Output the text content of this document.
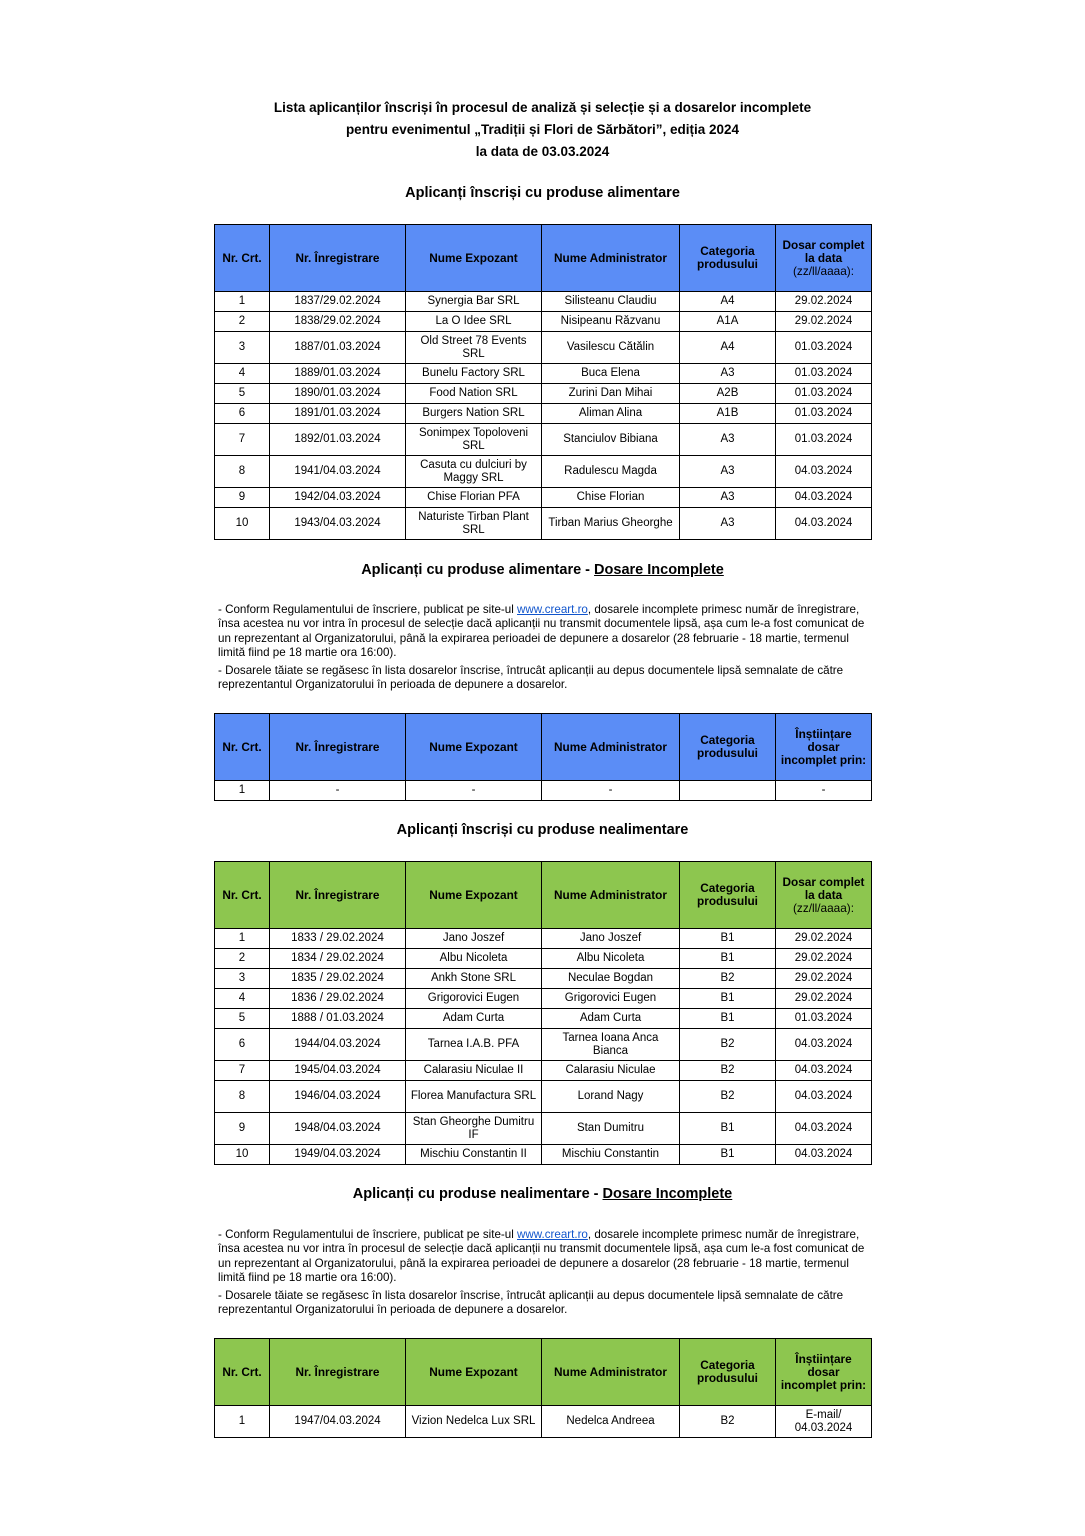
Lista aplicanților înscriși în procesul de analiză și selecție și a dosarelor incomplete
pentru evenimentul „Tradiții și Flori de Sărbători”, ediția 2024
la data de 03.03.2024
Aplicanți înscriși cu produse alimentare
Nr. Crt.	Nr. Înregistrare	Nume Expozant	Nume Administrator	Categoria produsului	Dosar complet la data
(zz/ll/aaaa):
1	1837/29.02.2024	Synergia Bar SRL	Silisteanu Claudiu	A4	29.02.2024
2	1838/29.02.2024	La O Idee SRL	Nisipeanu Răzvanu	A1A	29.02.2024
3	1887/01.03.2024	Old Street 78 Events SRL	Vasilescu Cătălin	A4	01.03.2024
4	1889/01.03.2024	Bunelu Factory SRL	Buca Elena	A3	01.03.2024
5	1890/01.03.2024	Food Nation SRL	Zurini Dan Mihai	A2B	01.03.2024
6	1891/01.03.2024	Burgers Nation SRL	Aliman Alina	A1B	01.03.2024
7	1892/01.03.2024	Sonimpex Topoloveni SRL	Stanciulov Bibiana	A3	01.03.2024
8	1941/04.03.2024	Casuta cu dulciuri by Maggy SRL	Radulescu Magda	A3	04.03.2024
9	1942/04.03.2024	Chise Florian PFA	Chise Florian	A3	04.03.2024
10	1943/04.03.2024	Naturiste Tirban Plant SRL	Tirban Marius Gheorghe	A3	04.03.2024
Aplicanți cu produse alimentare - Dosare Incomplete

- Conform Regulamentului de înscriere, publicat pe site-ul www.creart.ro, dosarele incomplete primesc număr de înregistrare, însa acestea nu vor intra în procesul de selecție dacă aplicanții nu transmit documentele lipsă, așa cum le-a fost comunicat de un reprezentant al Organizatorului, până la expirarea perioadei de depunere a dosarelor (28 februarie - 18 martie, termenul limită fiind pe 18 martie ora 16:00).

- Dosarele tăiate se regăsesc în lista dosarelor înscrise, întrucât aplicanții au depus documentele lipsă semnalate de către reprezentantul Organizatorului în perioada de depunere a dosarelor.

Nr. Crt.	Nr. Înregistrare	Nume Expozant	Nume Administrator	Categoria produsului	Înștiințare dosar incomplet prin:
1	-	-	-		-
Aplicanți înscriși cu produse nealimentare
Nr. Crt.	Nr. Înregistrare	Nume Expozant	Nume Administrator	Categoria produsului	Dosar complet la data
(zz/ll/aaaa):
1	1833 / 29.02.2024	Jano Joszef	Jano Joszef	B1	29.02.2024
2	1834 / 29.02.2024	Albu Nicoleta	Albu Nicoleta	B1	29.02.2024
3	1835 / 29.02.2024	Ankh Stone SRL	Neculae Bogdan	B2	29.02.2024
4	1836 / 29.02.2024	Grigorovici Eugen	Grigorovici Eugen	B1	29.02.2024
5	1888 / 01.03.2024	Adam Curta	Adam Curta	B1	01.03.2024
6	1944/04.03.2024	Tarnea I.A.B. PFA	Tarnea Ioana Anca Bianca	B2	04.03.2024
7	1945/04.03.2024	Calarasiu Niculae II	Calarasiu Niculae	B2	04.03.2024
8	1946/04.03.2024	Florea Manufactura SRL	Lorand Nagy	B2	04.03.2024
9	1948/04.03.2024	Stan Gheorghe Dumitru IF	Stan Dumitru	B1	04.03.2024
10	1949/04.03.2024	Mischiu Constantin II	Mischiu Constantin	B1	04.03.2024
Aplicanți cu produse nealimentare - Dosare Incomplete

- Conform Regulamentului de înscriere, publicat pe site-ul www.creart.ro, dosarele incomplete primesc număr de înregistrare, însa acestea nu vor intra în procesul de selecție dacă aplicanții nu transmit documentele lipsă, așa cum le-a fost comunicat de un reprezentant al Organizatorului, până la expirarea perioadei de depunere a dosarelor (28 februarie - 18 martie, termenul limită fiind pe 18 martie ora 16:00).

- Dosarele tăiate se regăsesc în lista dosarelor înscrise, întrucât aplicanții au depus documentele lipsă semnalate de către reprezentantul Organizatorului în perioada de depunere a dosarelor.

Nr. Crt.	Nr. Înregistrare	Nume Expozant	Nume Administrator	Categoria produsului	Înștiințare dosar incomplet prin:
1	1947/04.03.2024	Vizion Nedelca Lux SRL	Nedelca Andreea	B2	E-mail/ 04.03.2024
